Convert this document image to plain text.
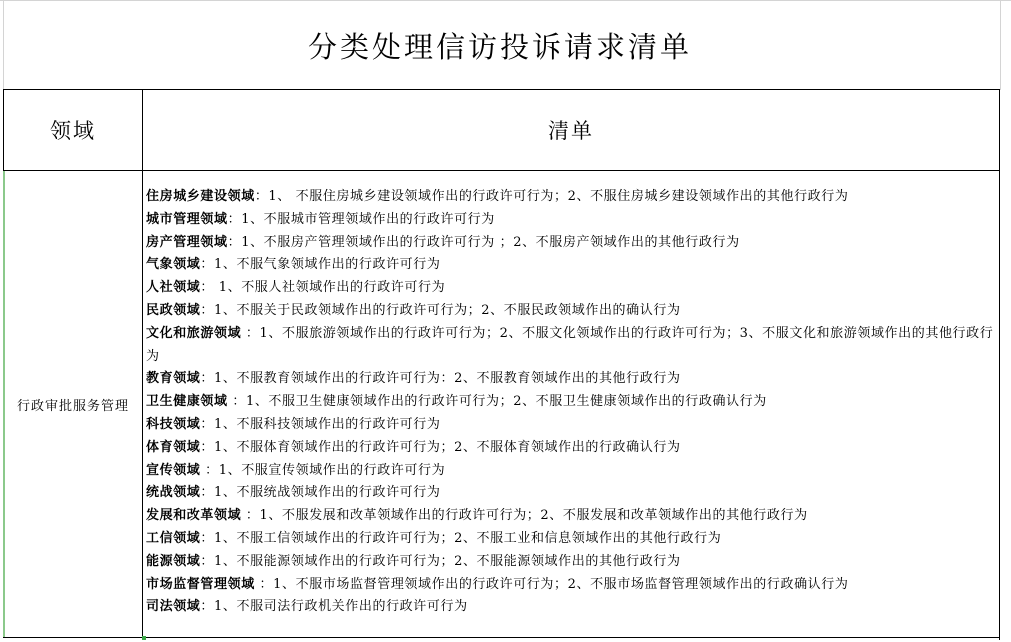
分类处理信访投诉请求清单
领域	清单
行政审批服务管理
住房城乡建设领域：1、 不服住房城乡建设领域作出的行政许可行为；2、不服住房城乡建设领域作出的其他行政行为
城市管理领域：1、不服城市管理领域作出的行政许可行为
房产管理领域：1、不服房产管理领域作出的行政许可行为 ；2、不服房产领域作出的其他行政行为
气象领域：1、不服气象领域作出的行政许可行为
人社领域： 1、不服人社领域作出的行政许可行为
民政领域：1、不服关于民政领域作出的行政许可行为；2、不服民政领域作出的确认行为
文化和旅游领域 ：1、不服旅游领域作出的行政许可行为；2、不服文化领域作出的行政许可行为；3、不服文化和旅游领域作出的其他行政行为
教育领域：1、不服教育领域作出的行政许可行为：2、不服教育领域作出的其他行政行为
卫生健康领域 ：1、不服卫生健康领域作出的行政许可行为；2、不服卫生健康领域作出的行政确认行为
科技领域：1、不服科技领域作出的行政许可行为
体育领域：1、不服体育领域作出的行政许可行为；2、不服体育领域作出的行政确认行为
宣传领域 ：1、不服宣传领域作出的行政许可行为
统战领域：1、不服统战领域作出的行政许可行为
发展和改革领域 ：1、不服发展和改革领域作出的行政许可行为；2、不服发展和改革领域作出的其他行政行为
工信领域：1、不服工信领域作出的行政许可行为；2、不服工业和信息领域作出的其他行政行为
能源领域：1、不服能源领域作出的行政许可行为；2、不服能源领域作出的其他行政行为
市场监督管理领域 ：1、不服市场监督管理领域作出的行政许可行为；2、不服市场监督管理领域作出的行政确认行为
司法领域：1、不服司法行政机关作出的行政许可行为
